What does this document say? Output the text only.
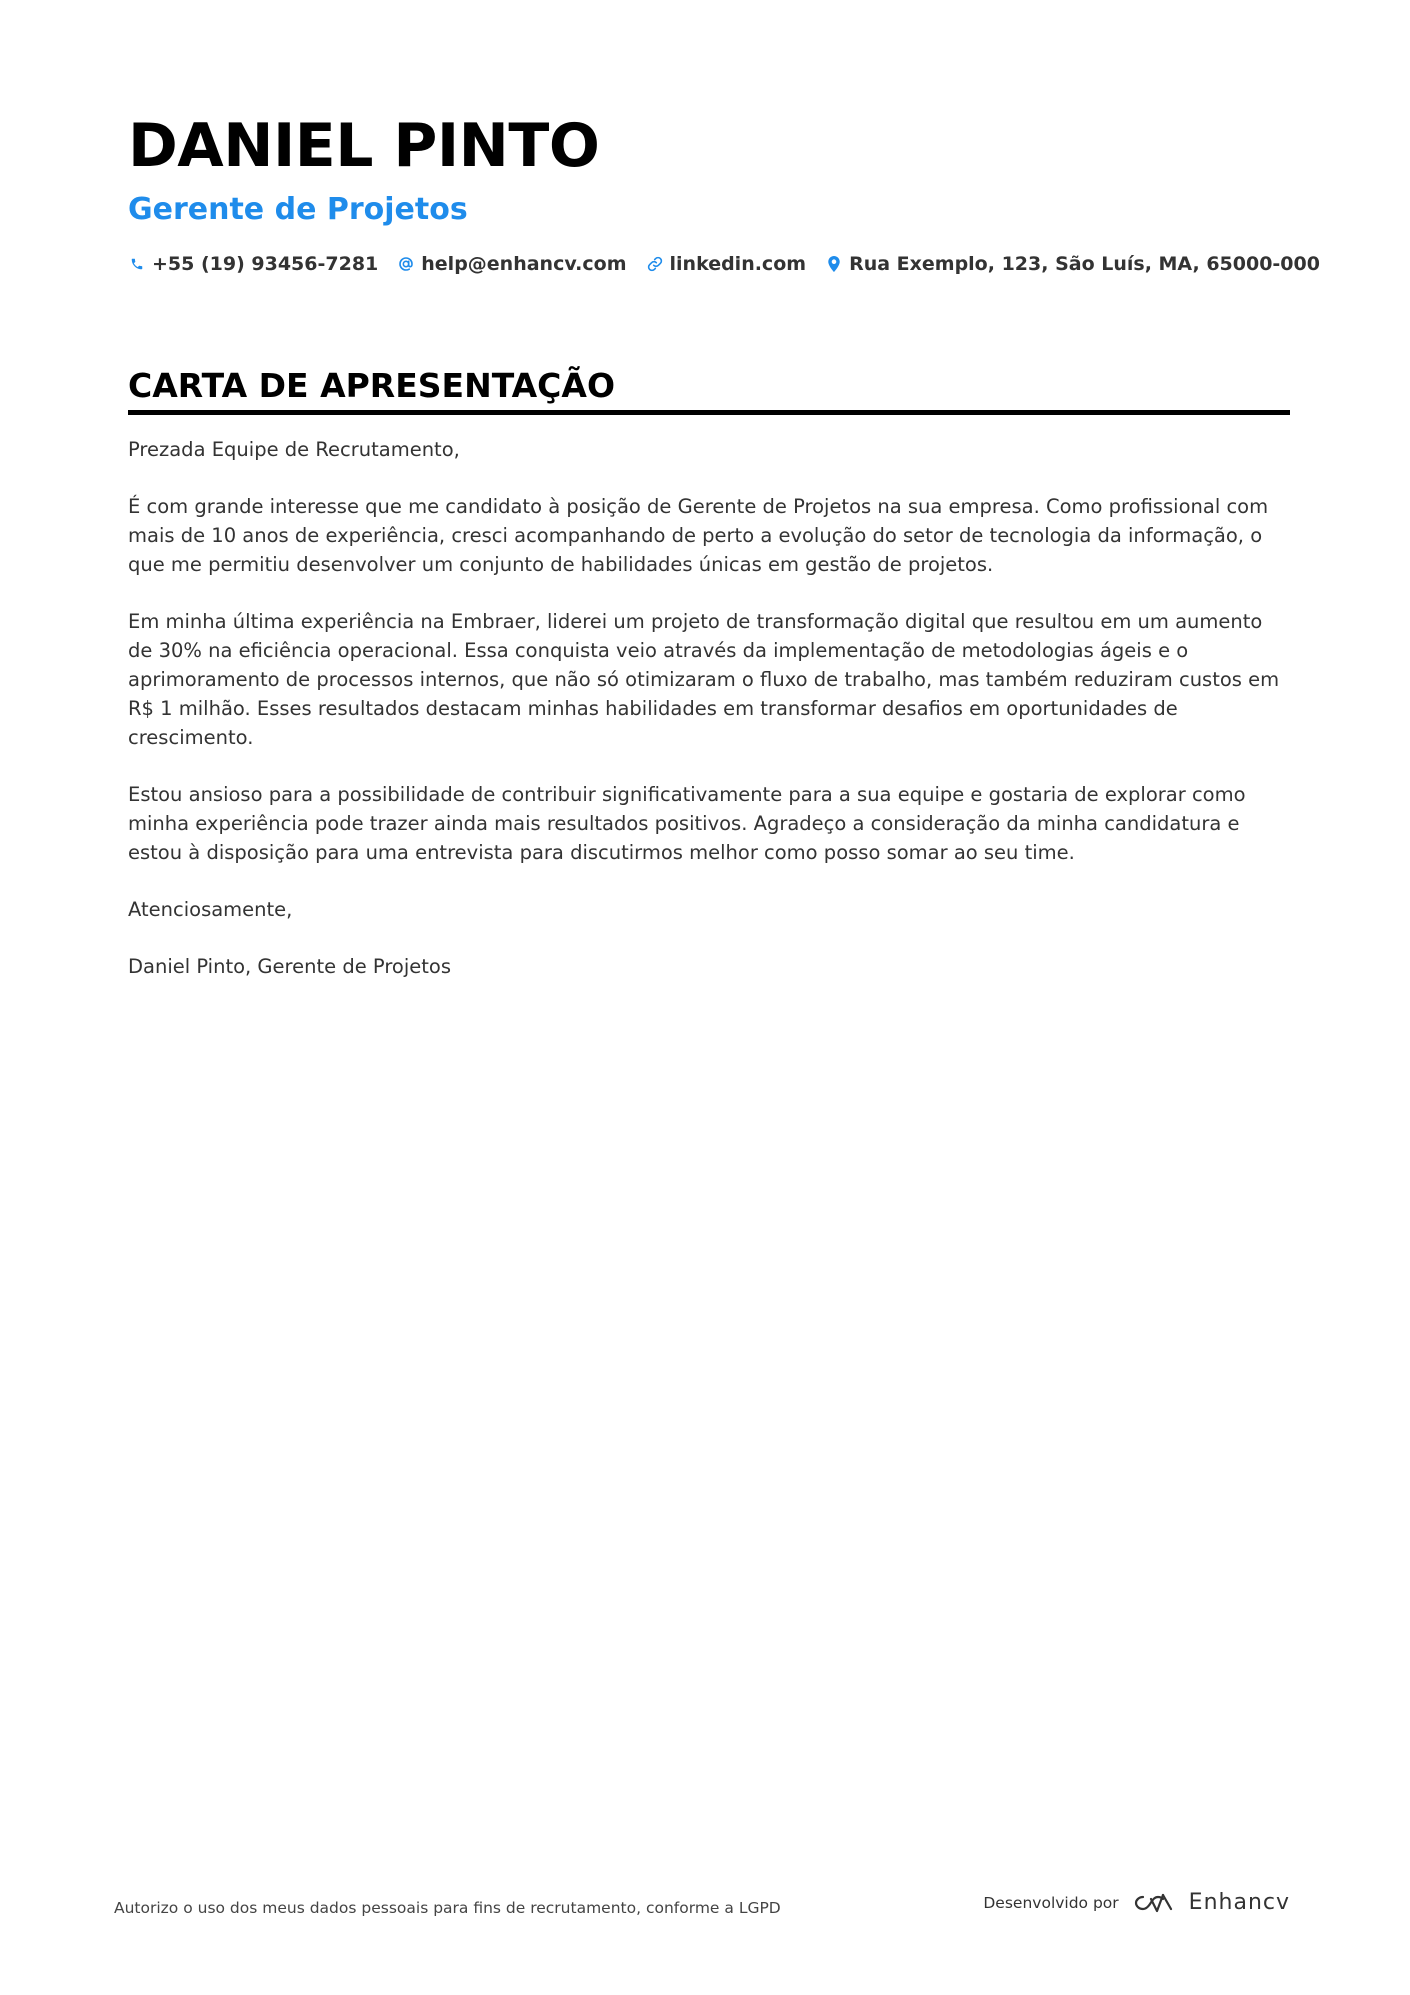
DANIEL PINTO
Gerente de Projetos
+55 (19) 93456-7281 help@enhancv.com linkedin.com Rua Exemplo, 123, São Luís, MA, 65000-000
CARTA DE APRESENTAÇÃO

Prezada Equipe de Recrutamento,

É com grande interesse que me candidato à posição de Gerente de Projetos na sua empresa. Como profissional com mais de 10 anos de experiência, cresci acompanhando de perto a evolução do setor de tecnologia da informação, o que me permitiu desenvolver um conjunto de habilidades únicas em gestão de projetos.

Em minha última experiência na Embraer, liderei um projeto de transformação digital que resultou em um aumento de 30% na eficiência operacional. Essa conquista veio através da implementação de metodologias ágeis e o aprimoramento de processos internos, que não só otimizaram o fluxo de trabalho, mas também reduziram custos em R$ 1 milhão. Esses resultados destacam minhas habilidades em transformar desafios em oportunidades de crescimento.

Estou ansioso para a possibilidade de contribuir significativamente para a sua equipe e gostaria de explorar como minha experiência pode trazer ainda mais resultados positivos. Agradeço a consideração da minha candidatura e estou à disposição para uma entrevista para discutirmos melhor como posso somar ao seu time.

Atenciosamente,

Daniel Pinto, Gerente de Projetos

Autorizo o uso dos meus dados pessoais para fins de recrutamento, conforme a LGPD	Desenvolvido por	Enhancv
